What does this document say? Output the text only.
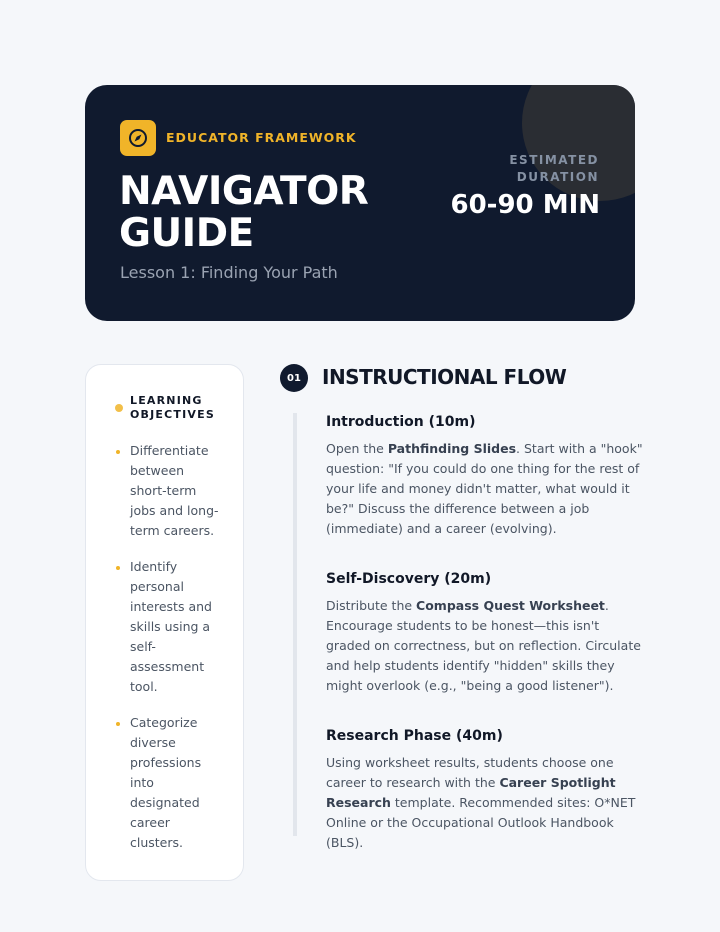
EDUCATOR FRAMEWORK
NAVIGATOR GUIDE
Lesson 1: Finding Your Path
ESTIMATED DURATION
60-90 MIN
LEARNING OBJECTIVES
Differentiate between short-term jobs and long-term careers.
Identify personal interests and skills using a self-assessment tool.
Categorize diverse professions into designated career clusters.
01	INSTRUCTIONAL FLOW
Introduction (10m)
Open the Pathfinding Slides. Start with a "hook" question: "If you could do one thing for the rest of your life and money didn't matter, what would it be?" Discuss the difference between a job (immediate) and a career (evolving).
Self-Discovery (20m)
Distribute the Compass Quest Worksheet. Encourage students to be honest—this isn't graded on correctness, but on reflection. Circulate and help students identify "hidden" skills they might overlook (e.g., "being a good listener").
Research Phase (40m)
Using worksheet results, students choose one career to research with the Career Spotlight Research template. Recommended sites: O*NET Online or the Occupational Outlook Handbook (BLS).
